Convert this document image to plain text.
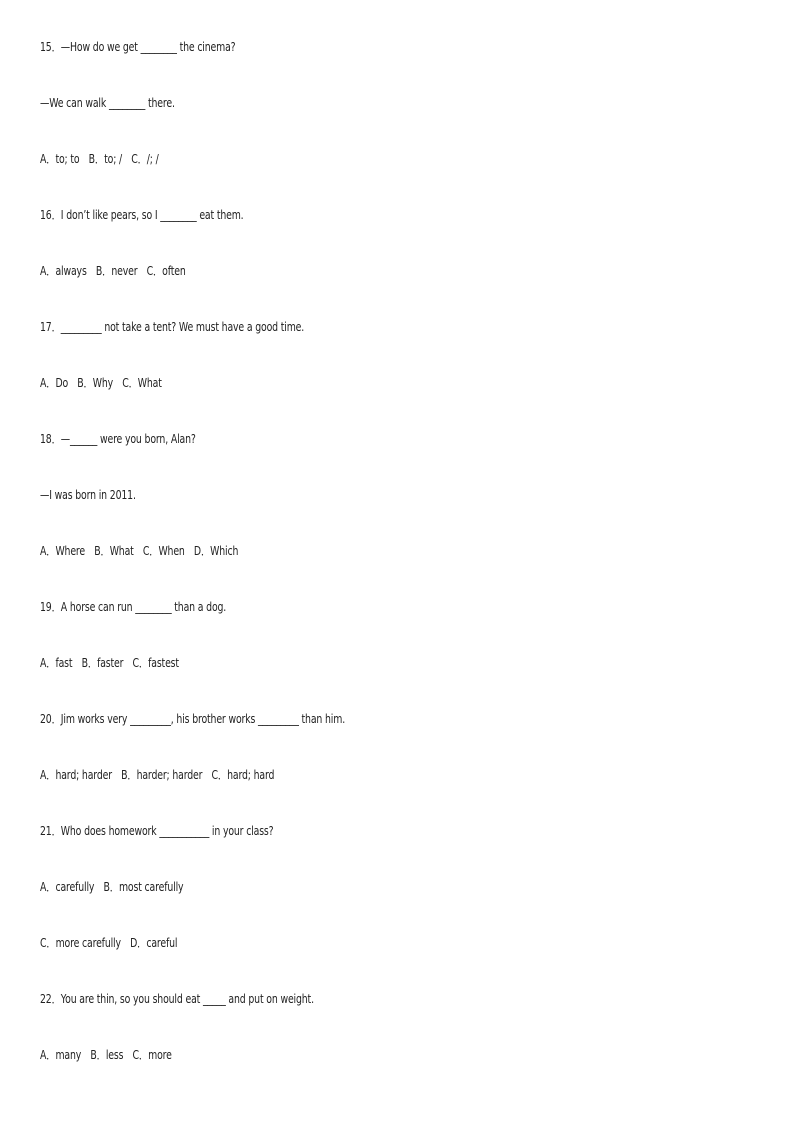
15．—How do we get ________ the cinema?
—We can walk ________ there.
A．to; to　B．to; /　C．/; /
16．I don’t like pears, so I ________ eat them.
A．always　B．never　C．often
17．_________ not take a tent? We must have a good time.
A．Do　B．Why　C．What
18．—______ were you born, Alan?
—I was born in 2011.
A．Where　B．What　C．When　D．Which
19．A horse can run ________ than a dog.
A．fast　B．faster　C．fastest
20．Jim works very _________, his brother works _________ than him.
A．hard; harder　B．harder; harder　C．hard; hard
21．Who does homework ___________ in your class?
A．carefully　B．most carefully
C．more carefully　D．careful
22．You are thin, so you should eat _____ and put on weight.
A．many　B．less　C．more
